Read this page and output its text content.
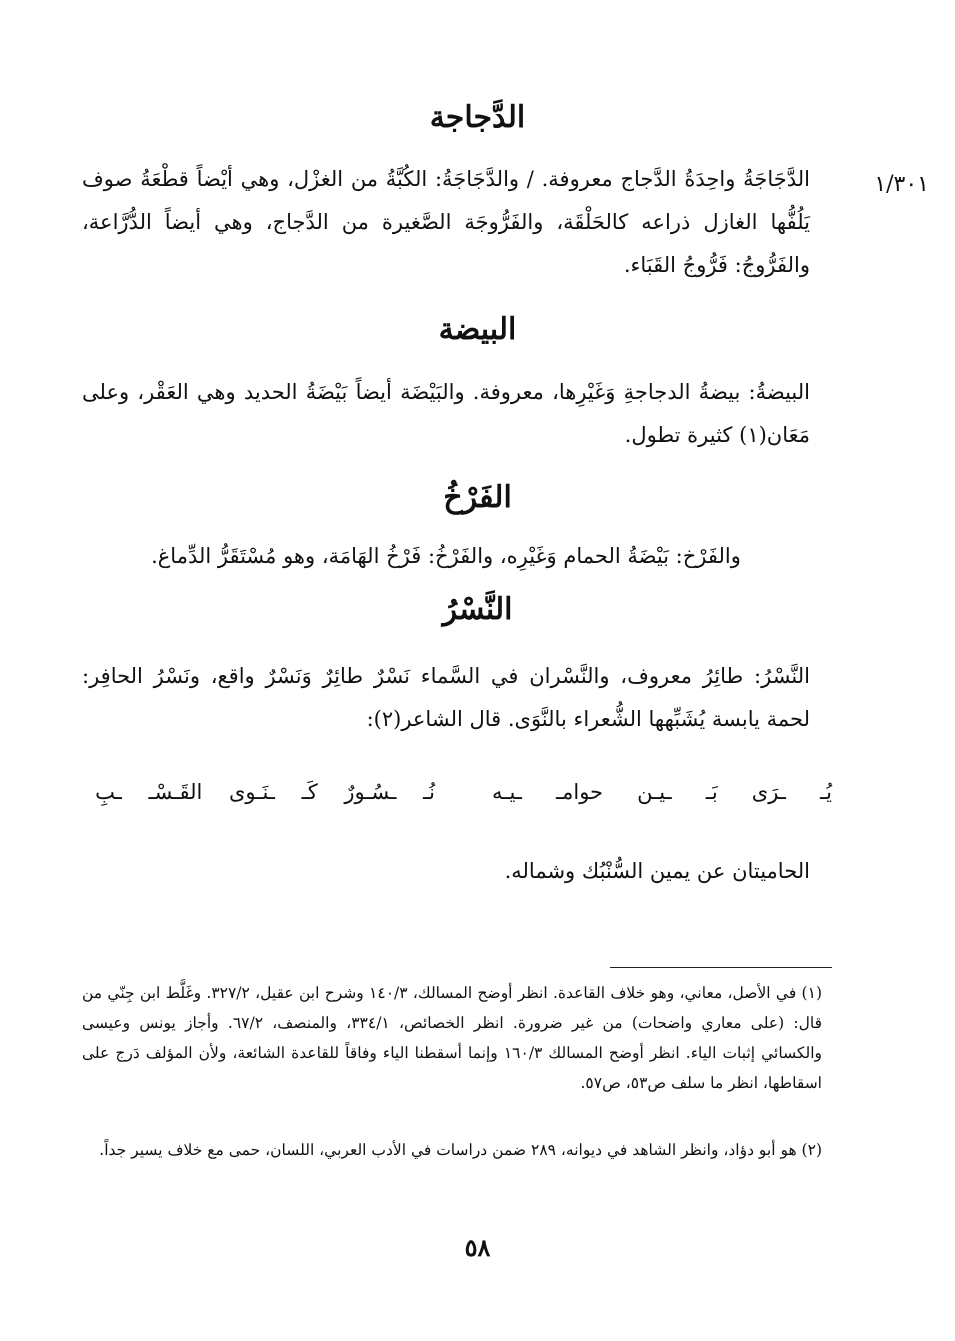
١/٣٠١
الدَّجاجة

الدَّجَاجَةُ واحِدَةُ الدَّجاج معروفة. / والدَّجَاجَةُ: الكُبَّةُ من الغزْل، وهي أيْضاً قطْعَةُ صوف يَلُفُّها الغازل ذراعه كالحَلْقَة، والفَرُّوجَة الصَّغيرة من الدَّجاج، وهي أيضاً الدُّرَّاعة، والفَرُّوجُ: فَرُّوجُ القَبَاء.

البيضة

البيضةُ: بيضةُ الدجاجةِ وَغَيْرِها، معروفة. والبَيْضَة أيضاً بَيْضَةُ الحديد وهي العَقْر، وعلى مَعَان(١) كثيرة تطول.

الفَرْخُ

والفَرْخ: بَيْضَةُ الحمام وَغَيْرِه، والفَرْخُ: فَرْخُ الهَامَة، وهو مُسْتَقَرُّ الدِّماغ.

النَّسْرُ

النَّسْرُ: طائِرُ معروف، والنَّسْران في السَّماء نَسْرٌ طائِرٌ وَنَسْرٌ واقع، ونَسْرُ الحافِر: لحمة يابسة يُشَبِّهها الشُّعراء بالنَّوَى. قال الشاعر(٢):

يُـ
ـرَى
بَـ
ـيـن
حوامـ
ـيـه
نُـ
ـسُـورٌ
كَـ
ـنَـوى
القَـسْـ
ـبِ

الحاميتان عن يمين السُّنْبُك وشماله.

(١) في الأصل، معاني، وهو خلاف القاعدة. انظر أوضح المسالك، ١٤٠/٣ وشرح ابن عقيل، ٣٢٧/٢. وغَلَّط ابن جِنّي من قال: (على معاري واضحات) من غير ضرورة. انظر الخصائص، ٣٣٤/١، والمنصف، ٦٧/٢. وأجاز يونس وعيسى والكسائي إثبات الياء. انظر أوضح المسالك ١٦٠/٣ وإنما أسقطنا الياء وفاقاً للقاعدة الشائعة، ولأن المؤلف دَرج على اسقاطها، انظر ما سلف ص٥٣، ص٥٧.

(٢) هو أبو دؤاد، وانظر الشاهد في ديوانه، ٢٨٩ ضمن دراسات في الأدب العربي، اللسان، حمى مع خلاف يسير جداً.

٥٨
